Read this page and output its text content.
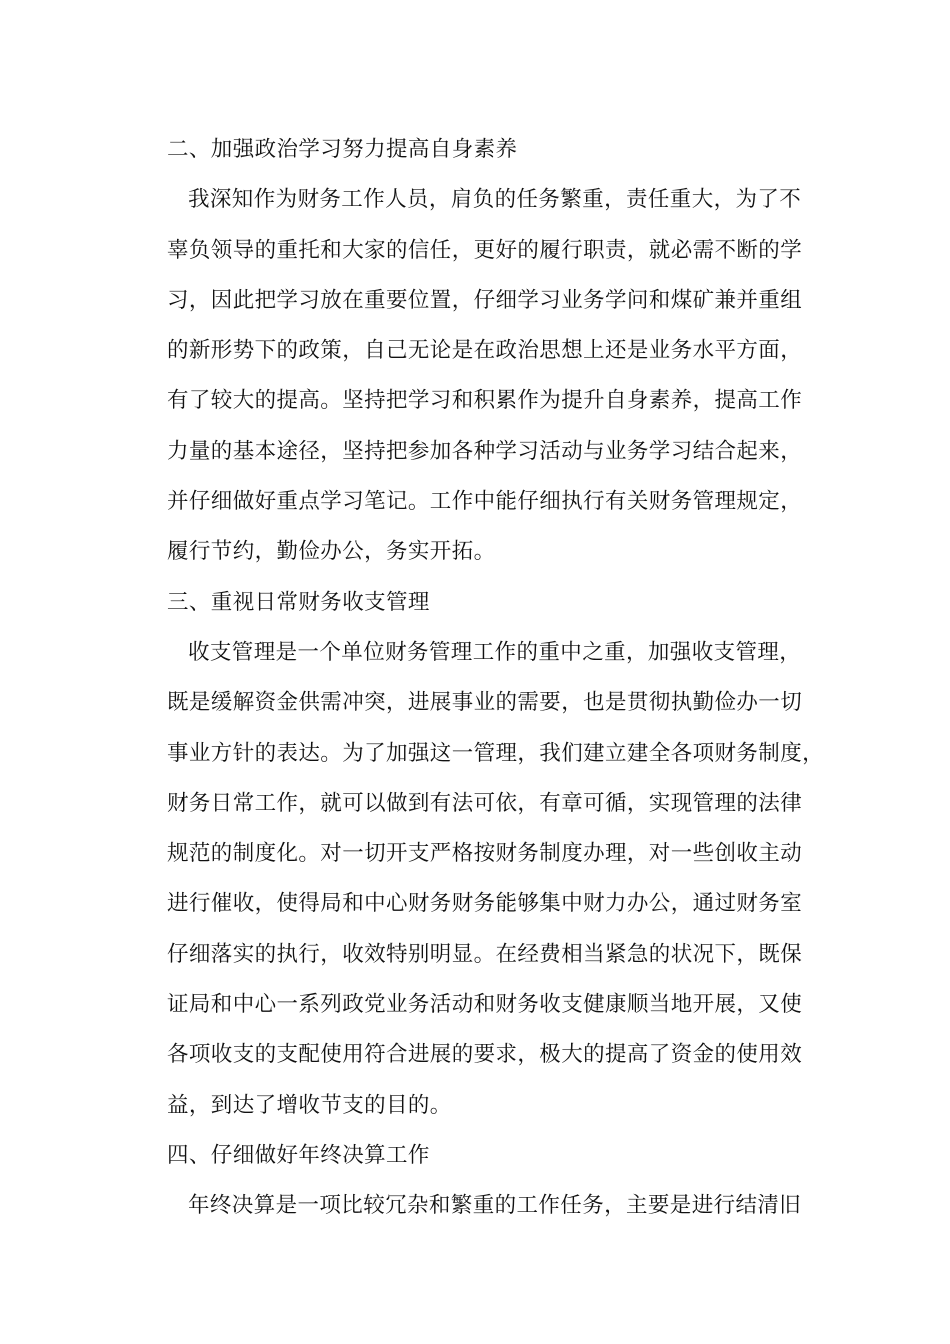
二、加强政治学习努力提高自身素养
我深知作为财务工作人员，肩负的任务繁重，责任重大，为了不
辜负领导的重托和大家的信任，更好的履行职责，就必需不断的学
习，因此把学习放在重要位置，仔细学习业务学问和煤矿兼并重组
的新形势下的政策，自己无论是在政治思想上还是业务水平方面，
有了较大的提高。坚持把学习和积累作为提升自身素养，提高工作
力量的基本途径，坚持把参加各种学习活动与业务学习结合起来，
并仔细做好重点学习笔记。工作中能仔细执行有关财务管理规定，
履行节约，勤俭办公，务实开拓。
三、重视日常财务收支管理
收支管理是一个单位财务管理工作的重中之重，加强收支管理，
既是缓解资金供需冲突，进展事业的需要，也是贯彻执勤俭办一切
事业方针的表达。为了加强这一管理，我们建立建全各项财务制度，
财务日常工作，就可以做到有法可依，有章可循，实现管理的法律
规范的制度化。对一切开支严格按财务制度办理，对一些创收主动
进行催收，使得局和中心财务财务能够集中财力办公，通过财务室
仔细落实的执行，收效特别明显。在经费相当紧急的状况下，既保
证局和中心一系列政党业务活动和财务收支健康顺当地开展，又使
各项收支的支配使用符合进展的要求，极大的提高了资金的使用效
益，到达了增收节支的目的。
四、仔细做好年终决算工作
年终决算是一项比较冗杂和繁重的工作任务，主要是进行结清旧
